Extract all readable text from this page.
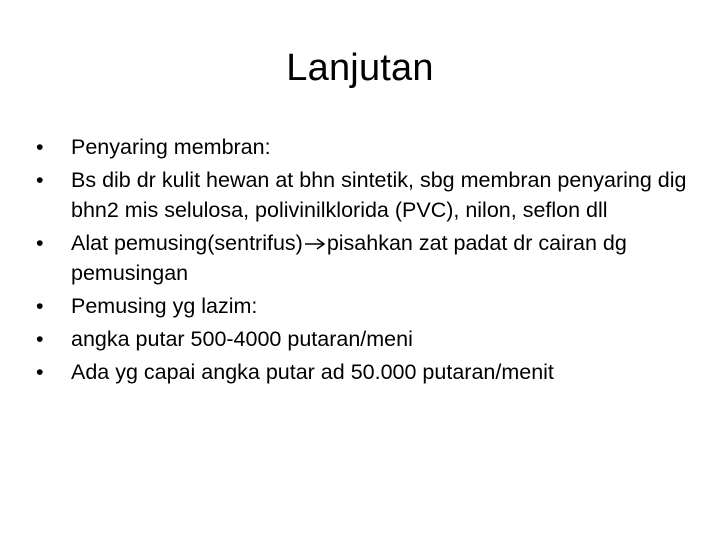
Lanjutan
•	Penyaring membran:
•	Bs dib dr kulit hewan at bhn sintetik, sbg membran penyaring dig bhn2 mis selulosa, polivinilklorida (PVC), nilon, seflon dll
•	Alat pemusing(sentrifus) pisahkan zat padat dr cairan dg pemusingan
•	Pemusing yg lazim:
•	angka putar 500-4000 putaran/meni
•	Ada yg capai angka putar ad 50.000 putaran/menit
